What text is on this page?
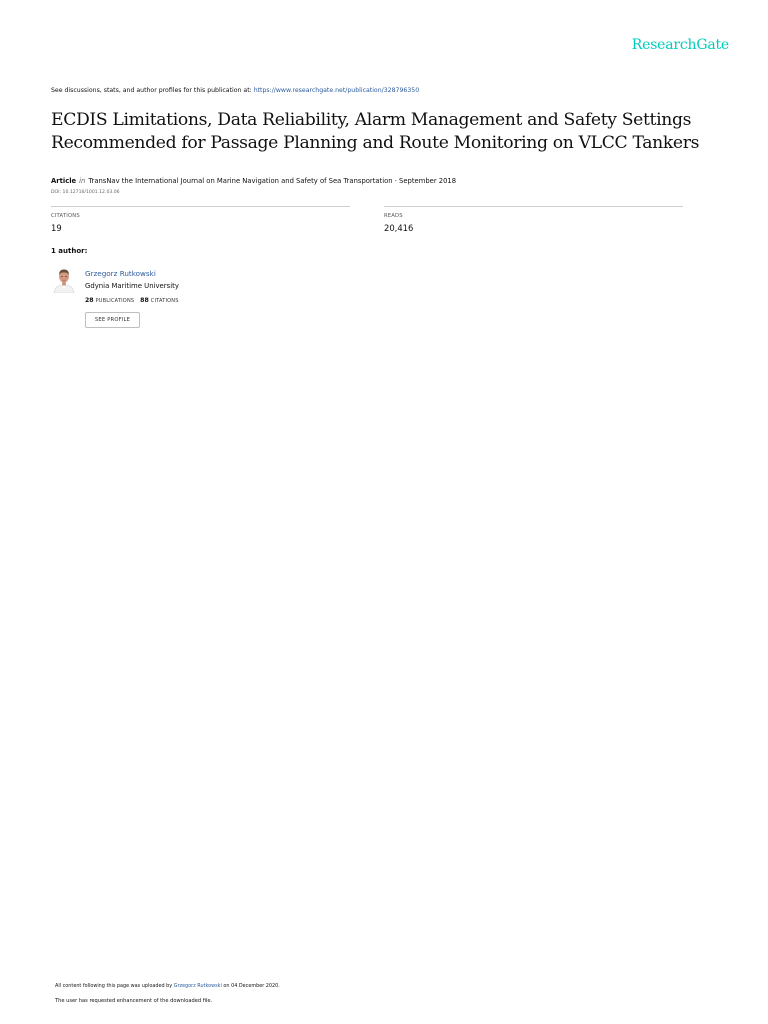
ResearchGate
See discussions, stats, and author profiles for this publication at: https://www.researchgate.net/publication/328796350
ECDIS Limitations, Data Reliability, Alarm Management and Safety Settings
Recommended for Passage Planning and Route Monitoring on VLCC Tankers
Article in TransNav the International Journal on Marine Navigation and Safety of Sea Transportation · September 2018
DOI: 10.12716/1001.12.03.06
CITATIONS
19
READS
20,416
1 author:
Grzegorz Rutkowski
Gdynia Maritime University
28 PUBLICATIONS 88 CITATIONS
SEE PROFILE
All content following this page was uploaded by Grzegorz Rutkowski on 04 December 2020.
The user has requested enhancement of the downloaded file.
